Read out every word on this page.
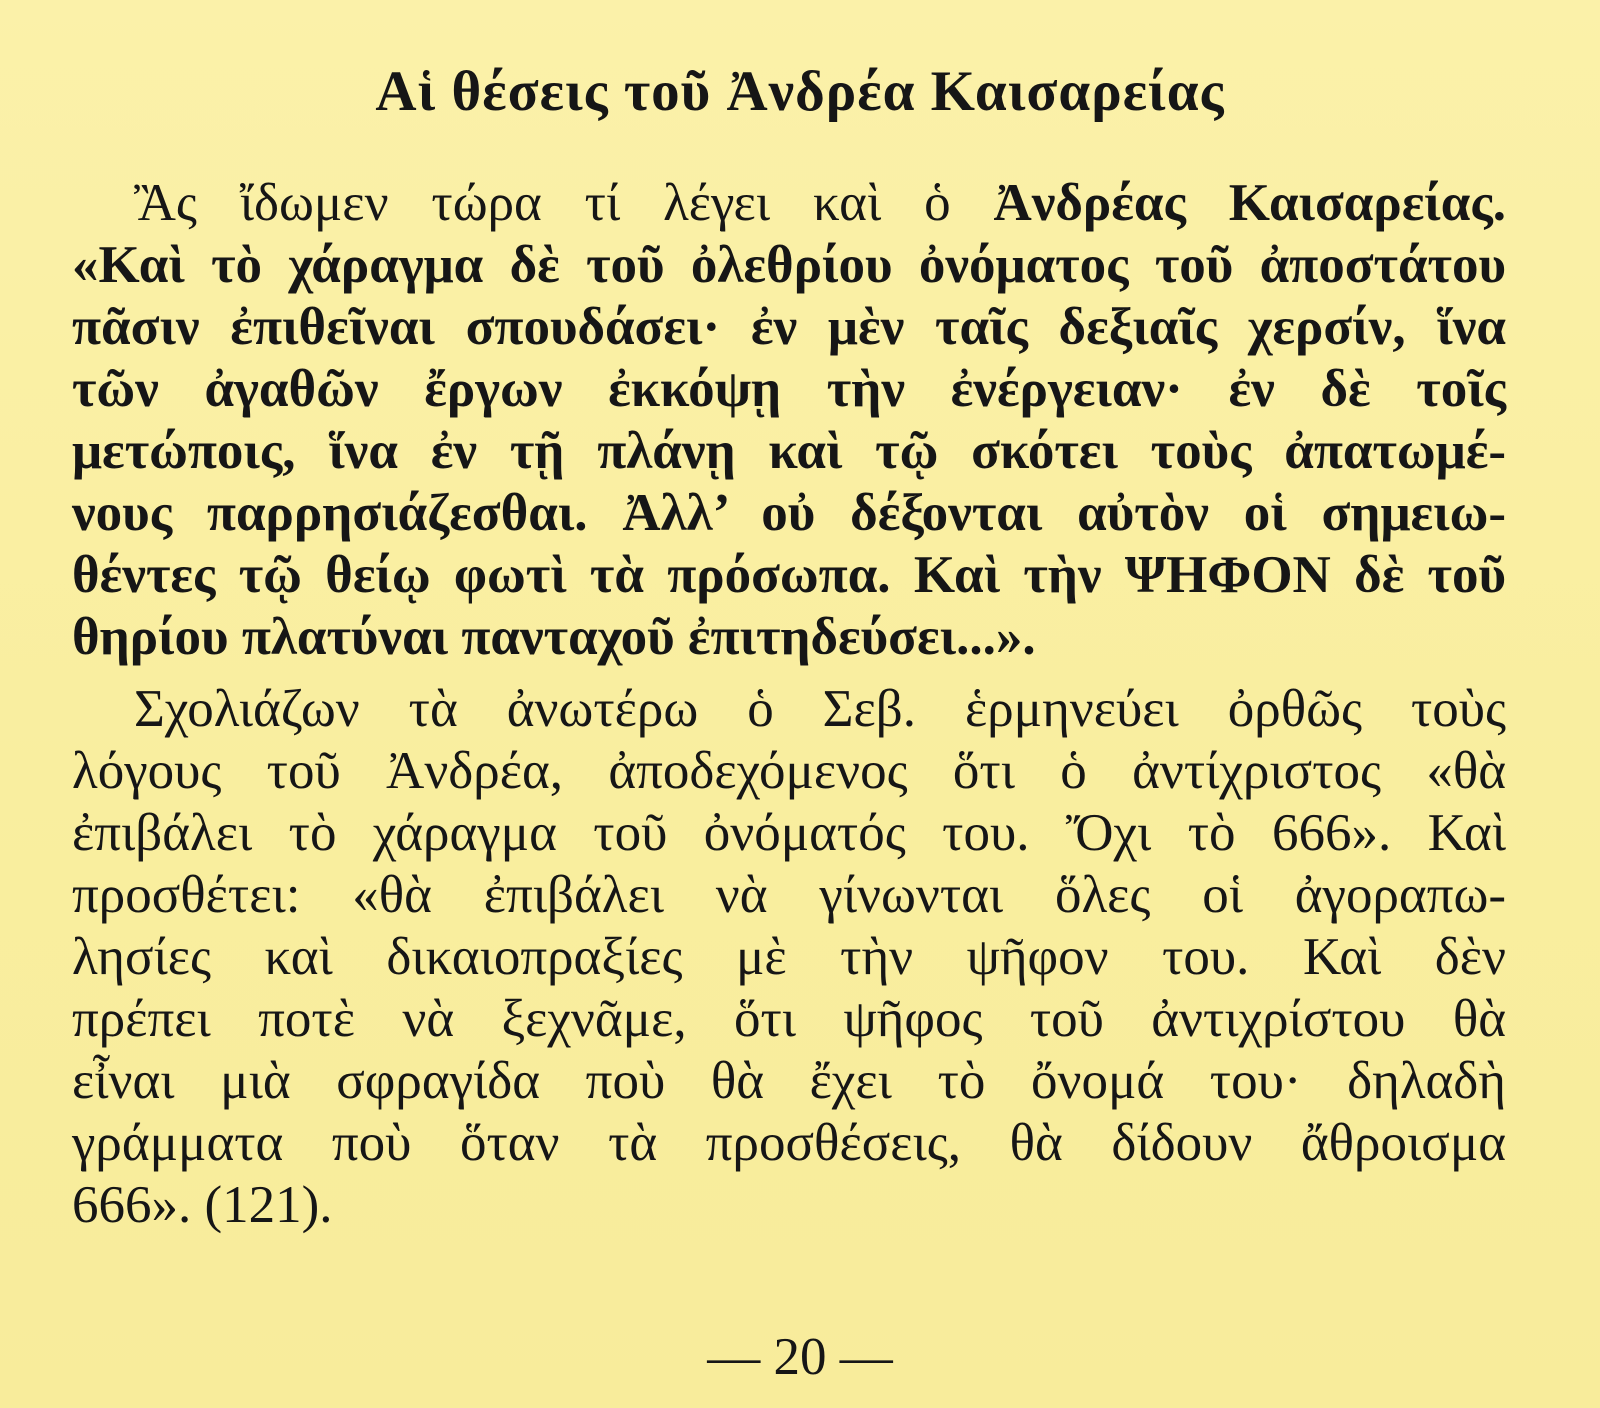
Αἱ θέσεις τοῦ Ἀνδρέα Καισαρείας
Ἂς ἴδωμεν τώρα τί λέγει καὶ ὁ Ἀνδρέας Καισαρείας.
«Καὶ τὸ χάραγμα δὲ τοῦ ὀλεθρίου ὀνόματος τοῦ ἀποστάτου
πᾶσιν ἐπιθεῖναι σπουδάσει· ἐν μὲν ταῖς δεξιαῖς χερσίν, ἵνα
τῶν ἀγαθῶν ἔργων ἐκκόψῃ τὴν ἐνέργειαν· ἐν δὲ τοῖς
μετώποις, ἵνα ἐν τῇ πλάνῃ καὶ τῷ σκότει τοὺς ἀπατωμέ-
νους παρρησιάζεσθαι. Ἀλλ’ οὐ δέξονται αὐτὸν οἱ σημειω-
θέντες τῷ θείῳ φωτὶ τὰ πρόσωπα. Καὶ τὴν ΨΗΦΟΝ δὲ τοῦ
θηρίου πλατύναι πανταχοῦ ἐπιτηδεύσει...».
Σχολιάζων τὰ ἀνωτέρω ὁ Σεβ. ἑρμηνεύει ὀρθῶς τοὺς
λόγους τοῦ Ἀνδρέα, ἀποδεχόμενος ὅτι ὁ ἀντίχριστος «θὰ
ἐπιβάλει τὸ χάραγμα τοῦ ὀνόματός του. Ὄχι τὸ 666». Καὶ
προσθέτει: «θὰ ἐπιβάλει νὰ γίνωνται ὅλες οἱ ἀγοραπω-
λησίες καὶ δικαιοπραξίες μὲ τὴν ψῆφον του. Καὶ δὲν
πρέπει ποτὲ νὰ ξεχνᾶμε, ὅτι ψῆφος τοῦ ἀντιχρίστου θὰ
εἶναι μιὰ σφραγίδα ποὺ θὰ ἔχει τὸ ὄνομά του· δηλαδὴ
γράμματα ποὺ ὅταν τὰ προσθέσεις, θὰ δίδουν ἄθροισμα
666». (121).
— 20 —
